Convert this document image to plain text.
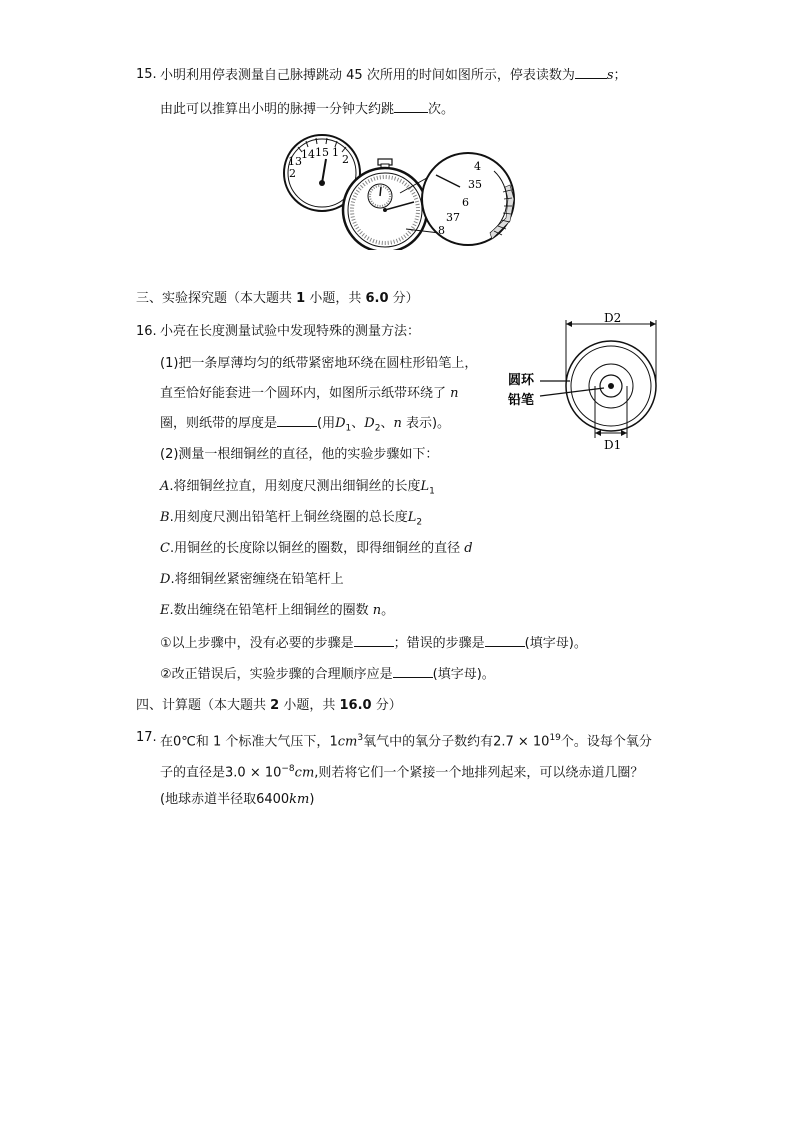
15. 小明利用停表测量自己脉搏跳动 45 次所用的时间如图所示，停表读数为 s；
由此可以推算出小明的脉搏一分钟大约跳	次。
13
14 15 1
2
2
4
35
6
37
8
三、实验探究题（本大题共 1 小题，共 6.0 分）
16. 小亮在长度测量试验中发现特殊的测量方法：
(1)把一条厚薄均匀的纸带紧密地环绕在圆柱形铅笔上，
直至恰好能套进一个圆环内，如图所示纸带环绕了 n
圈，则纸带的厚度是	(用$D_1$、$D_2$、n 表示)。
(2)测量一根细铜丝的直径，他的实验步骤如下：
A.将细铜丝拉直，用刻度尺测出细铜丝的长度$L_1$
B.用刻度尺测出铅笔杆上铜丝绕圈的总长度$L_2$
C.用铜丝的长度除以铜丝的圈数，即得细铜丝的直径 d
D.将细铜丝紧密缠绕在铅笔杆上
E.数出缠绕在铅笔杆上细铜丝的圈数 n。
①以上步骤中，没有必要的步骤是	；错误的步骤是	(填字母)。
②改正错误后，实验步骤的合理顺序应是	(填字母)。
D2
D1
圆环
铅笔
四、计算题（本大题共 2 小题，共 16.0 分）
17. 在0℃和 1 个标准大气压下，$1cm^3$氧气中的氧分子数约有$2.7 \times 10^{19}$个。设每个氧分
子的直径是$3.0 \times 10^{-8}cm$,则若将它们一个紧接一个地排列起来，可以绕赤道几圈？
(地球赤道半径取6400km)
